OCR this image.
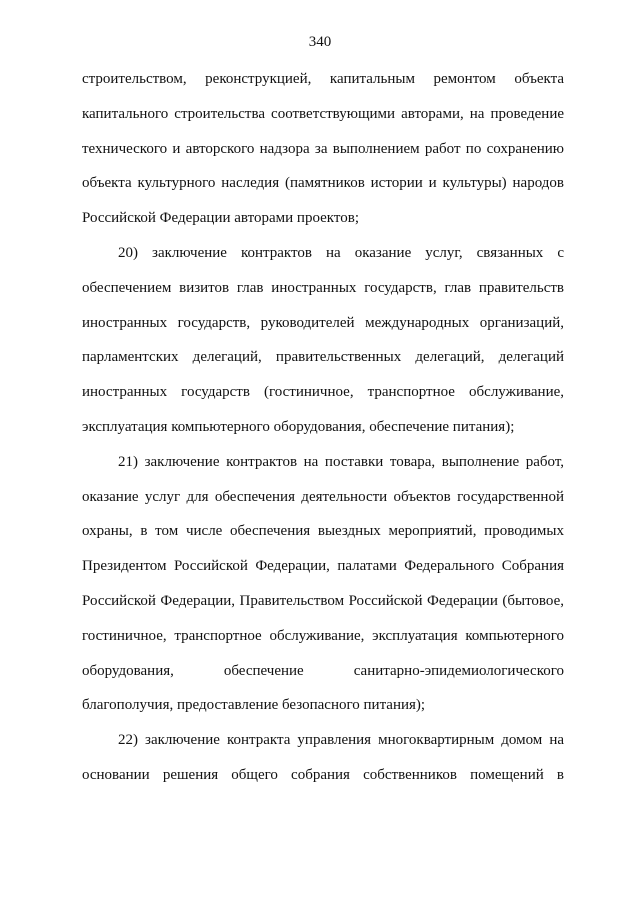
340
строительством, реконструкцией, капитальным ремонтом объекта
капитального строительства соответствующими авторами, на проведение
технического и авторского надзора за выполнением работ по сохранению
объекта культурного наследия (памятников истории и культуры) народов
Российской Федерации авторами проектов;
20) заключение контрактов на оказание услуг, связанных с
обеспечением визитов глав иностранных государств, глав правительств
иностранных государств, руководителей международных организаций,
парламентских делегаций, правительственных делегаций, делегаций
иностранных государств (гостиничное, транспортное обслуживание,
эксплуатация компьютерного оборудования, обеспечение питания);
21) заключение контрактов на поставки товара, выполнение работ,
оказание услуг для обеспечения деятельности объектов государственной
охраны, в том числе обеспечения выездных мероприятий, проводимых
Президентом Российской Федерации, палатами Федерального Собрания
Российской Федерации, Правительством Российской Федерации (бытовое,
гостиничное, транспортное обслуживание, эксплуатация компьютерного
оборудования, обеспечение санитарно-эпидемиологического
благополучия, предоставление безопасного питания);
22) заключение контракта управления многоквартирным домом на
основании решения общего собрания собственников помещений в
